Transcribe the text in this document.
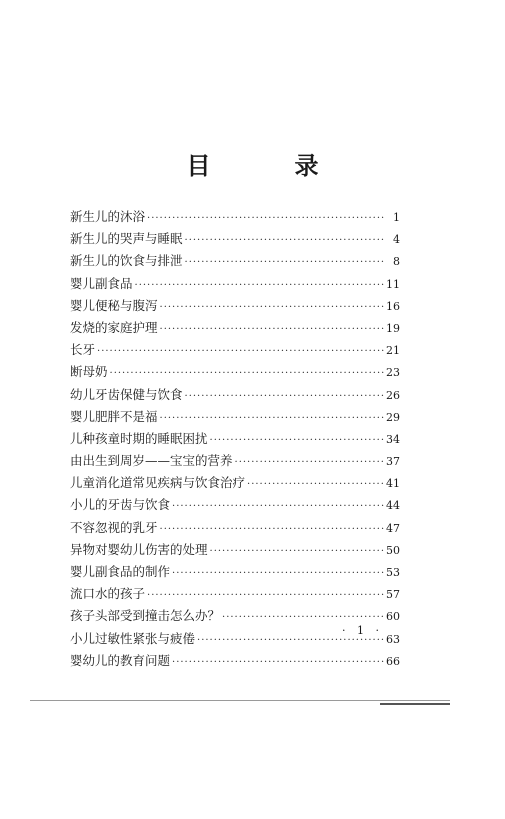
目　录
新生儿的沐浴 ·····	1
新生儿的哭声与睡眠 ·····	4
新生儿的饮食与排泄 ·····	8
婴儿副食品 ·····	11
婴儿便秘与腹泻 ·····	16
发烧的家庭护理 ·····	19
长牙 ·····	21
断母奶 ·····	23
幼儿牙齿保健与饮食 ·····	26
婴儿肥胖不是福 ·····	29
儿种孩童时期的睡眠困扰 ·····	34
由出生到周岁——宝宝的营养 ·····	37
儿童消化道常见疾病与饮食治疗 ·····	41
小儿的牙齿与饮食 ·····	44
不容忽视的乳牙 ·····	47
异物对婴幼儿伤害的处理 ·····	50
婴儿副食品的制作 ·····	53
流口水的孩子 ·····	57
孩子头部受到撞击怎么办？ ·····	60
小儿过敏性紧张与疲倦 ·····	63
婴幼儿的教育问题 ·····	66
· 1 ·
